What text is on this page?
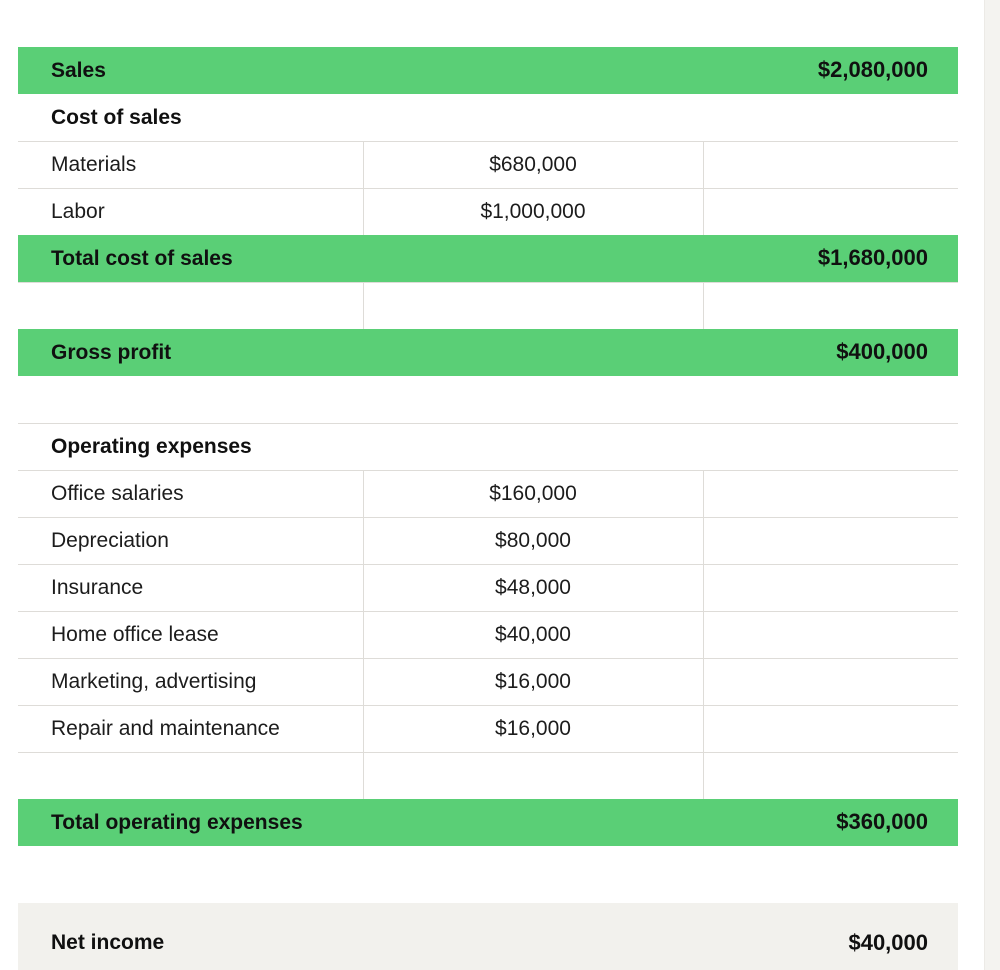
Sales		$2,080,000
Cost of sales		
Materials	$680,000	
Labor	$1,000,000	
Total cost of sales		$1,680,000

Gross profit		$400,000

Operating expenses		
Office salaries	$160,000	
Depreciation	$80,000	
Insurance	$48,000	
Home office lease	$40,000	
Marketing, advertising	$16,000	
Repair and maintenance	$16,000	

Total operating expenses		$360,000

Net income		$40,000
